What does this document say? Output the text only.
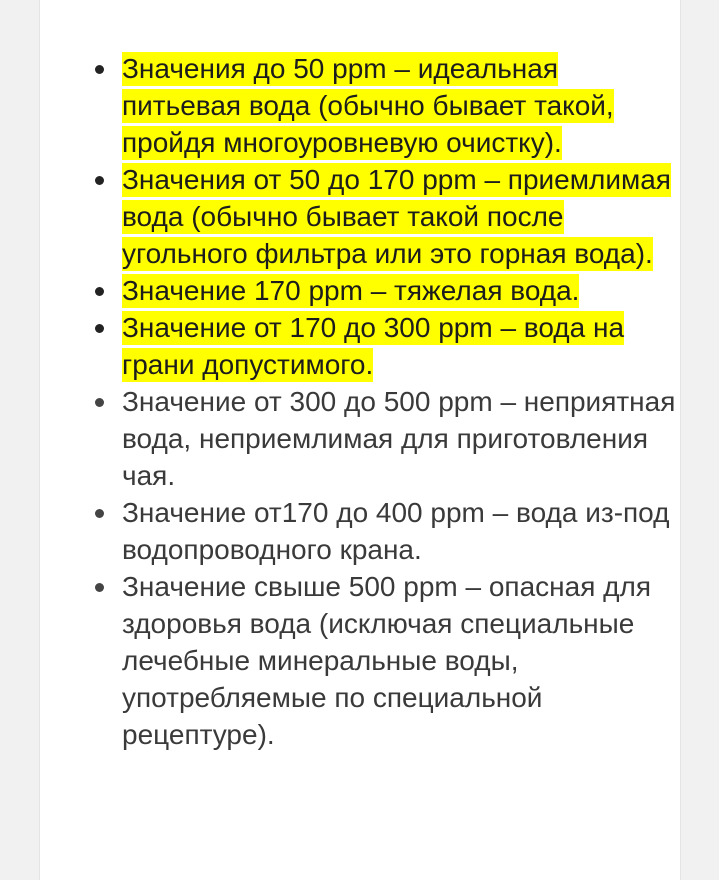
Значения до 50 ppm – идеальная питьевая вода (обычно бывает такой, пройдя многоуровневую очистку).
Значения от 50 до 170 ppm – приемлимая вода (обычно бывает такой после угольного фильтра или это горная вода).
Значение 170 ppm – тяжелая вода.
Значение от 170 до 300 ppm – вода на грани допустимого.
Значение от 300 до 500 ppm – неприятная вода, неприемлимая для приготовления чая.
Значение от170 до 400 ppm – вода из-под водопроводного крана.
Значение свыше 500 ppm – опасная для здоровья вода (исключая специальные лечебные минеральные воды, употребляемые по специальной рецептуре).
